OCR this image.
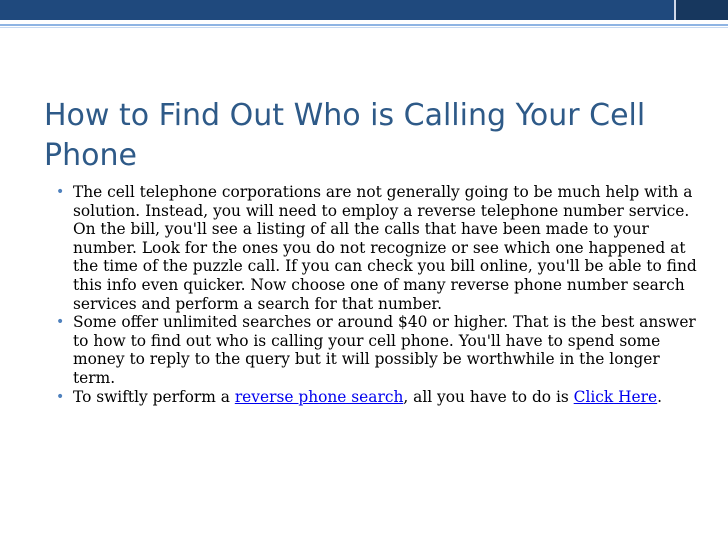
How to Find Out Who is Calling Your Cell Phone
• The cell telephone corporations are not generally going to be much help with a solution. Instead, you will need to employ a reverse telephone number service. On the bill, you'll see a listing of all the calls that have been made to your number. Look for the ones you do not recognize or see which one happened at the time of the puzzle call. If you can check you bill online, you'll be able to find this info even quicker. Now choose one of many reverse phone number search services and perform a search for that number.
• Some offer unlimited searches or around $40 or higher. That is the best answer to how to find out who is calling your cell phone. You'll have to spend some money to reply to the query but it will possibly be worthwhile in the longer term.
• To swiftly perform a reverse phone search, all you have to do is Click Here.
